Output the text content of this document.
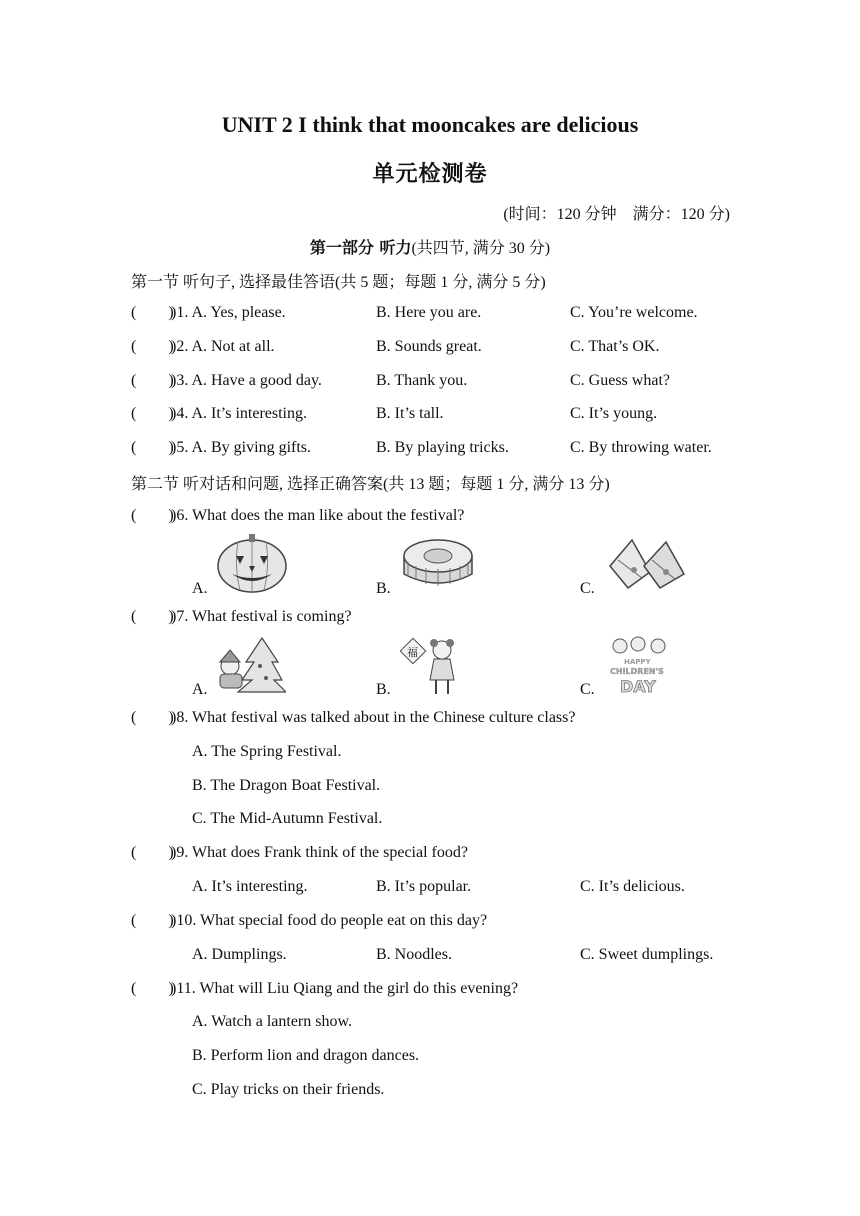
UNIT 2 I think that mooncakes are delicious
单元检测卷
(时间：120 分钟　满分：120 分)
第一部分 听力(共四节, 满分 30 分)
第一节 听句子, 选择最佳答语(共 5 题；每题 1 分, 满分 5 分)
(　　)
)1. A. Yes, please.	B. Here you are.	C. You’re welcome.
(　　)
)2. A. Not at all.	B. Sounds great.	C. That’s OK.
(　　)
)3. A. Have a good day.	B. Thank you.	C. Guess what?
(　　)
)4. A. It’s interesting.	B. It’s tall.	C. It’s young.
(　　)
)5. A. By giving gifts.	B. By playing tricks.	C. By throwing water.
第二节 听对话和问题, 选择正确答案(共 13 题；每题 1 分, 满分 13 分)
(　　)
)6. What does the man like about the festival?
A.	B.	C.
(　　)
)7. What festival is coming?
A.	B.	C.
福
HAPPY
CHILDREN'S
DAY
(　　)
)8. What festival was talked about in the Chinese culture class?
A. The Spring Festival.
B. The Dragon Boat Festival.
C. The Mid-Autumn Festival.
(　　)
)9. What does Frank think of the special food?
A. It’s interesting.	B. It’s popular.	C. It’s delicious.
(　　)
)10. What special food do people eat on this day?
A. Dumplings.	B. Noodles.	C. Sweet dumplings.
(　　)
)11. What will Liu Qiang and the girl do this evening?
A. Watch a lantern show.
B. Perform lion and dragon dances.
C. Play tricks on their friends.
